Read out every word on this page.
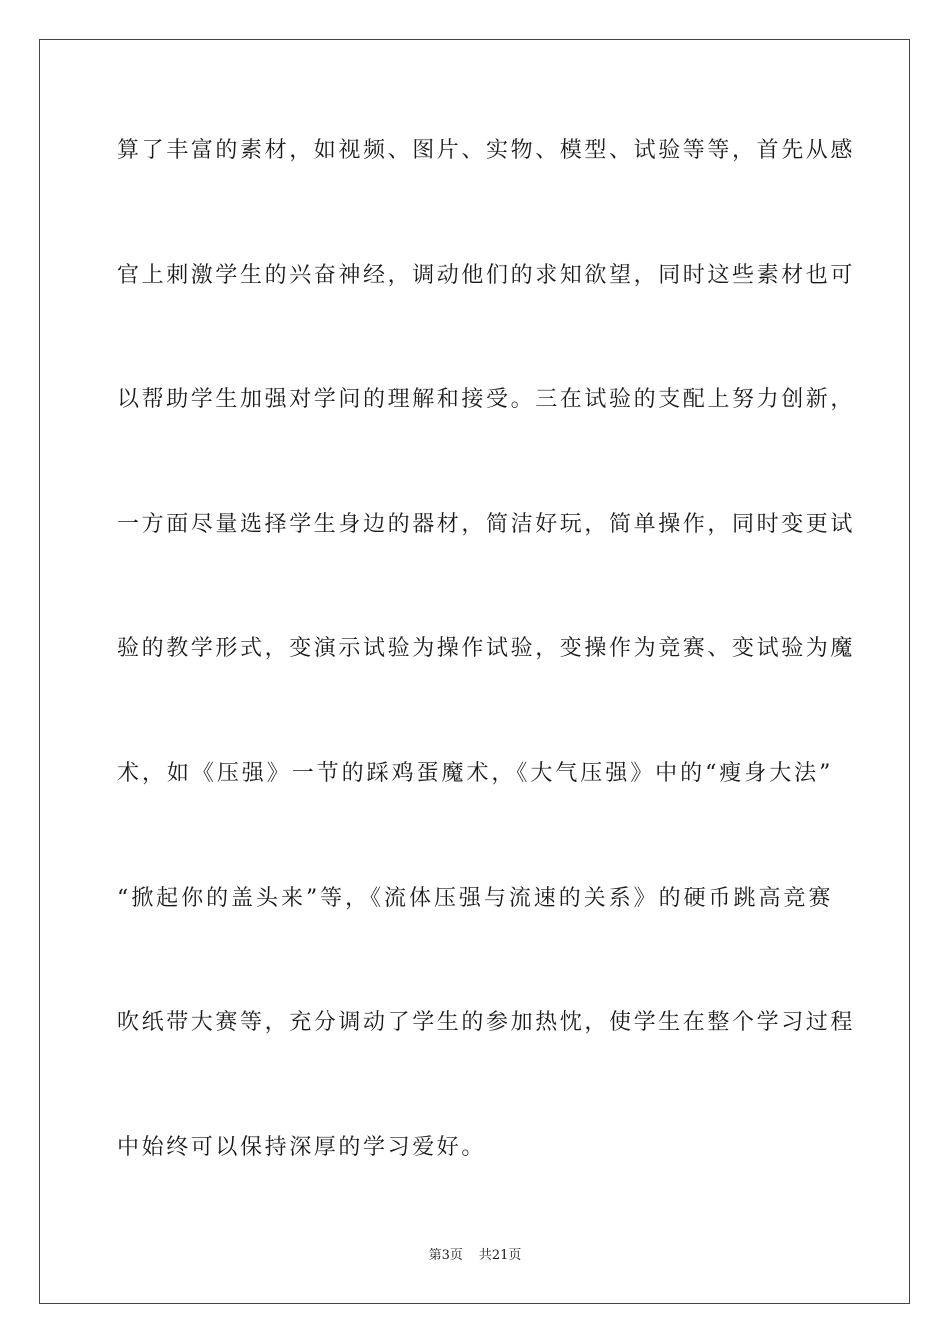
算了丰富的素材，如视频、图片、实物、模型、试验等等，首先从感

官上刺激学生的兴奋神经，调动他们的求知欲望，同时这些素材也可

以帮助学生加强对学问的理解和接受。三在试验的支配上努力创新，

一方面尽量选择学生身边的器材，简洁好玩，简单操作，同时变更试

验的教学形式，变演示试验为操作试验，变操作为竞赛、变试验为魔

术，如《压强》一节的踩鸡蛋魔术，《大气压强》中的“瘦身大法”

“掀起你的盖头来”等，《流体压强与流速的关系》的硬币跳高竞赛

吹纸带大赛等，充分调动了学生的参加热忱，使学生在整个学习过程

中始终可以保持深厚的学习爱好。

第3页 共21页
